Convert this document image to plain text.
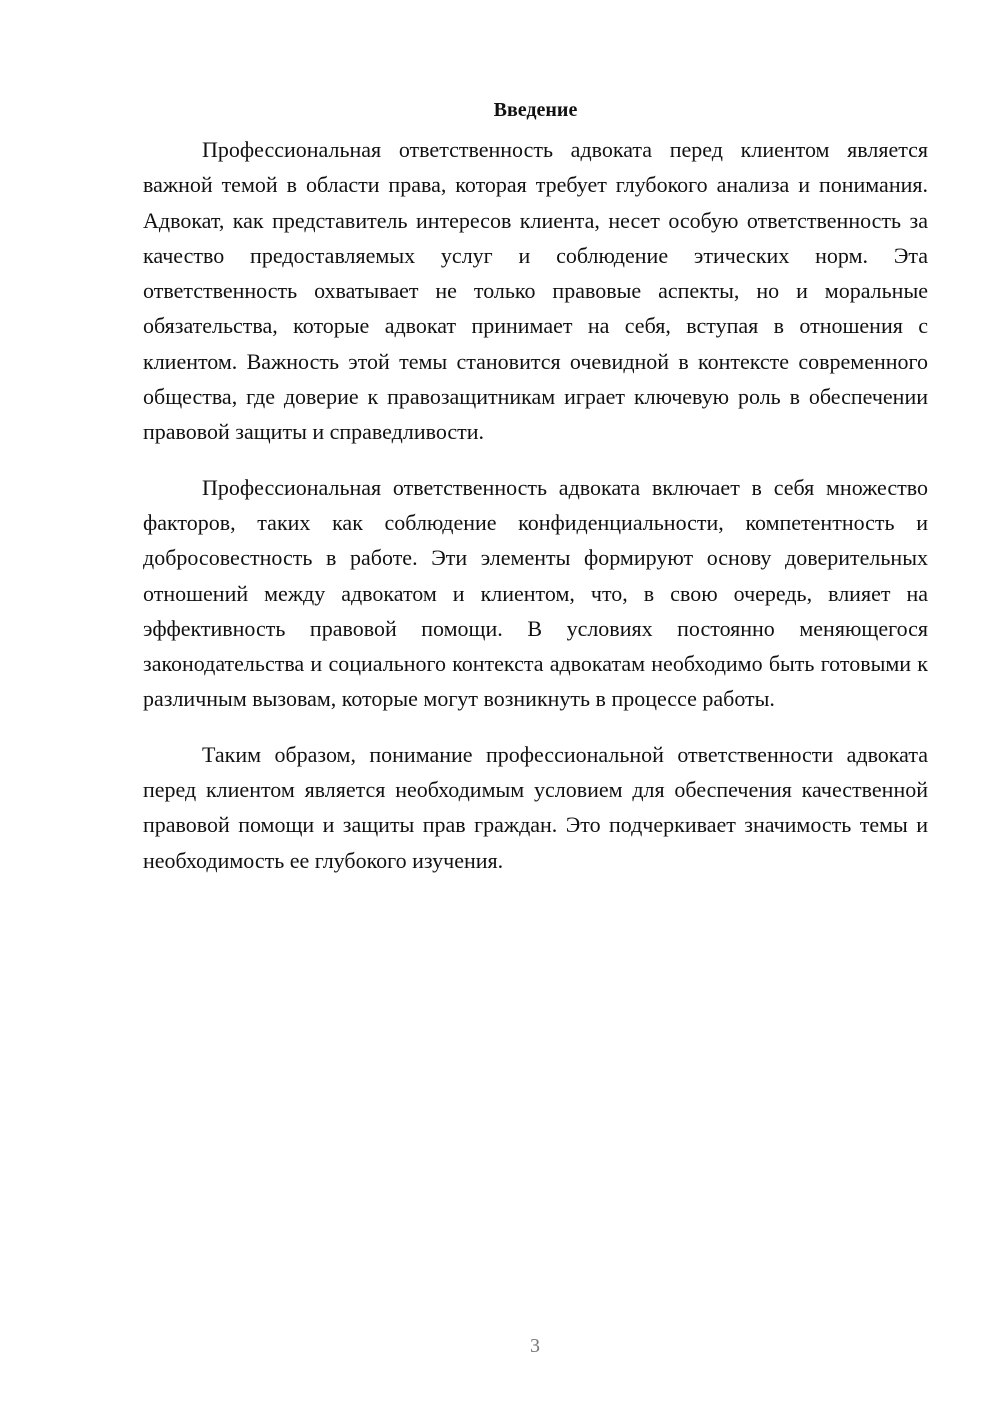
Введение

Профессиональная ответственность адвоката перед клиентом является важной темой в области права, которая требует глубокого анализа и понимания. Адвокат, как представитель интересов клиента, несет особую ответственность за качество предоставляемых услуг и соблюдение этических норм. Эта ответственность охватывает не только правовые аспекты, но и моральные обязательства, которые адвокат принимает на себя, вступая в отношения с клиентом. Важность этой темы становится очевидной в контексте современного общества, где доверие к правозащитникам играет ключевую роль в обеспечении правовой защиты и справедливости.

Профессиональная ответственность адвоката включает в себя множество факторов, таких как соблюдение конфиденциальности, компетентность и добросовестность в работе. Эти элементы формируют основу доверительных отношений между адвокатом и клиентом, что, в свою очередь, влияет на эффективность правовой помощи. В условиях постоянно меняющегося законодательства и социального контекста адвокатам необходимо быть готовыми к различным вызовам, которые могут возникнуть в процессе работы.

Таким образом, понимание профессиональной ответственности адвоката перед клиентом является необходимым условием для обеспечения качественной правовой помощи и защиты прав граждан. Это подчеркивает значимость темы и необходимость ее глубокого изучения.

3
